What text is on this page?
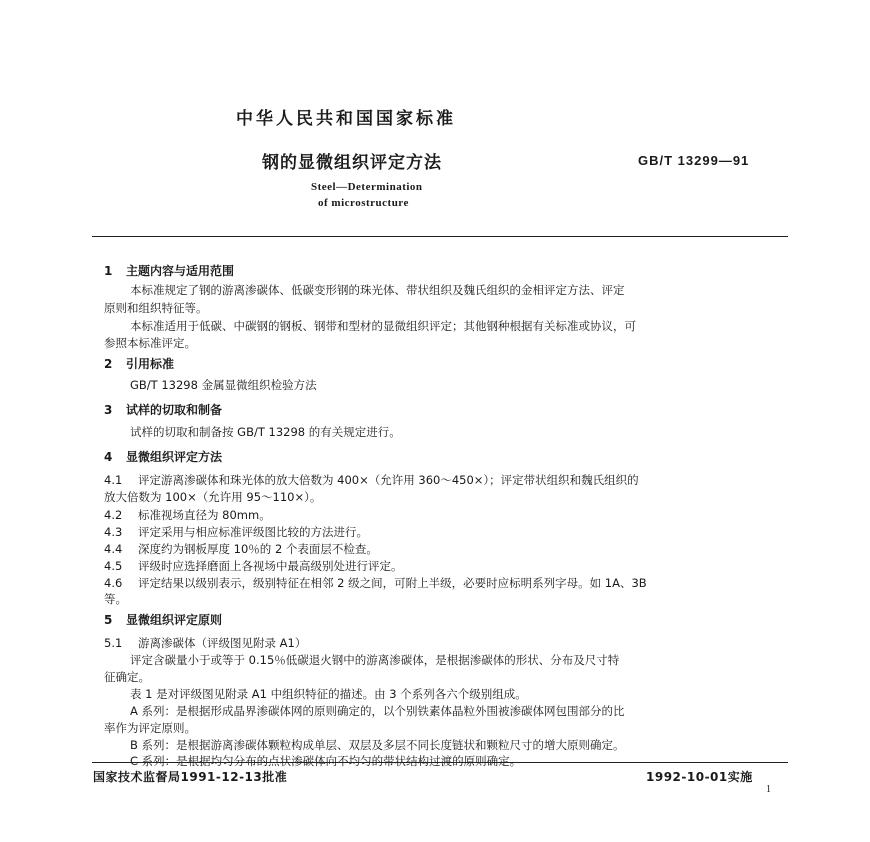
中华人民共和国国家标准
钢的显微组织评定方法	GB/T 13299—91
Steel—Determination
of microstructure
1 主题内容与适用范围
本标准规定了钢的游离渗碳体、低碳变形钢的珠光体、带状组织及魏氏组织的金相评定方法、评定
原则和组织特征等。
本标准适用于低碳、中碳钢的钢板、钢带和型材的显微组织评定；其他钢种根据有关标准或协议，可
参照本标准评定。
2 引用标准
GB/T 13298 金属显微组织检验方法
3 试样的切取和制备
试样的切取和制备按 GB/T 13298 的有关规定进行。
4 显微组织评定方法
4.1 评定游离渗碳体和珠光体的放大倍数为 400×（允许用 360～450×）；评定带状组织和魏氏组织的
放大倍数为 100×（允许用 95～110×）。
4.2 标准视场直径为 80mm。
4.3 评定采用与相应标准评级图比较的方法进行。
4.4 深度约为钢板厚度 10％的 2 个表面层不检查。
4.5 评级时应选择磨面上各视场中最高级别处进行评定。
4.6 评定结果以级别表示，级别特征在相邻 2 级之间，可附上半级，必要时应标明系列字母。如 1A、3B
等。
5 显微组织评定原则
5.1 游离渗碳体（评级图见附录 A1）
评定含碳量小于或等于 0.15％低碳退火钢中的游离渗碳体，是根据渗碳体的形状、分布及尺寸特
征确定。
表 1 是对评级图见附录 A1 中组织特征的描述。由 3 个系列各六个级别组成。
A 系列：是根据形成晶界渗碳体网的原则确定的，以个别铁素体晶粒外围被渗碳体网包围部分的比
率作为评定原则。
B 系列：是根据游离渗碳体颗粒构成单层、双层及多层不同长度链状和颗粒尺寸的增大原则确定。
C 系列：是根据均匀分布的点状渗碳体向不均匀的带状结构过渡的原则确定。
国家技术监督局1991-12-13批准	1992-10-01实施
1
